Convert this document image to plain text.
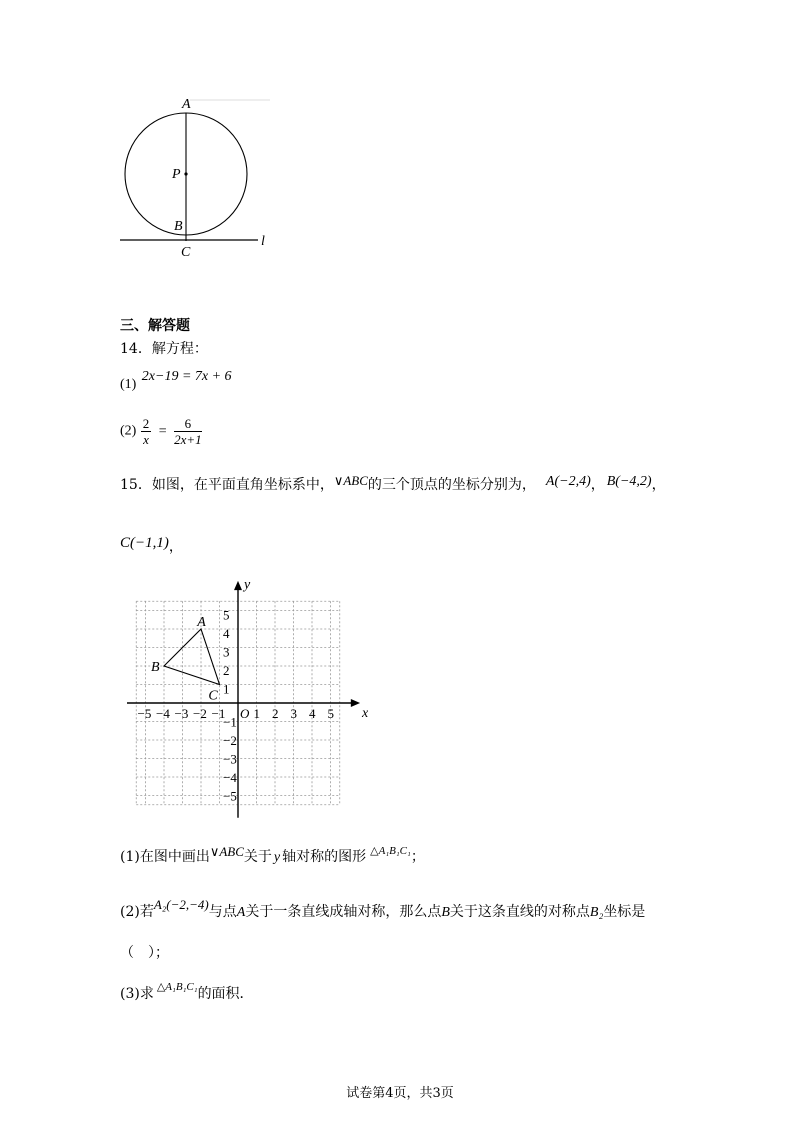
A
P
B
C
l
三、解答题
14．解方程：
(1) 2x−19 = 7x + 6
$(2) \frac{2}{x} = \frac{6}{2x+1}$
15．如图，在平面直角坐标系中，∨ABC的三个顶点的坐标分别为， A(−2,4)， B(−4,2)，
C(−1,1)，
x
y
−5 −4 −3 −2 −1 O 1 2 3 4 5
5
4
3
2
1
−1
−2
−3
−4
−5
A
B
C
(1)在图中画出∨ABC关于 y 轴对称的图形 $^{\triangle A_1B_1C_1}$；
(2)若A₂(−2,−4)与点A关于一条直线成轴对称，那么点B关于这条直线的对称点B₂坐标是
（　）；
(3)求 $^{\triangle A_1B_1C_1}$的面积．
试卷第4页，共3页
